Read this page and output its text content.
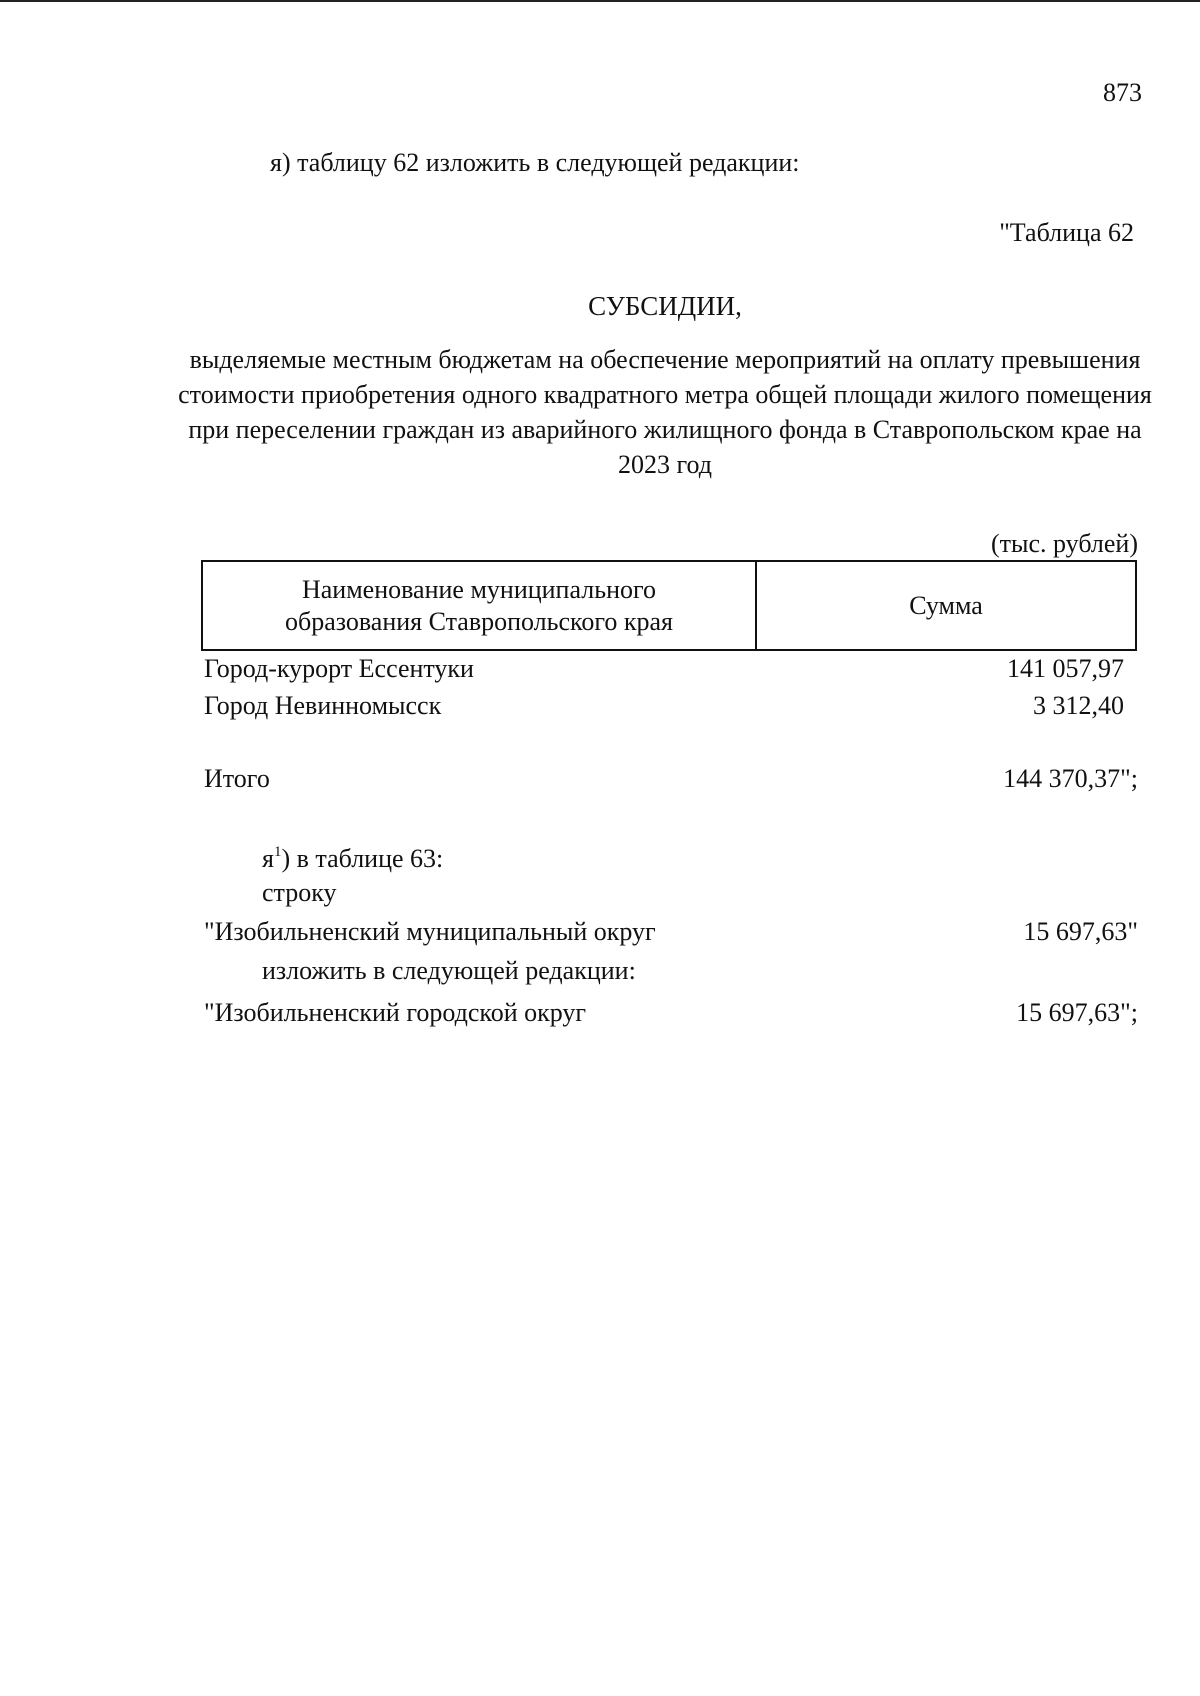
873
я) таблицу 62 изложить в следующей редакции:
"Таблица 62
СУБСИДИИ,
выделяемые местным бюджетам на обеспечение мероприятий на оплату превышения стоимости приобретения одного квадратного метра общей площади жилого помещения при переселении граждан из аварийного жилищного фонда в Ставропольском крае на 2023 год
(тыс. рублей)
Наименование муниципального образования Ставропольского края	Сумма
Город-курорт Ессентуки	141 057,97
Город Невинномысск	3 312,40
Итого	144 370,37";
$я^1$) в таблице 63:
строку
"Изобильненский муниципальный округ	15 697,63"
изложить в следующей редакции:
"Изобильненский городской округ	15 697,63";
